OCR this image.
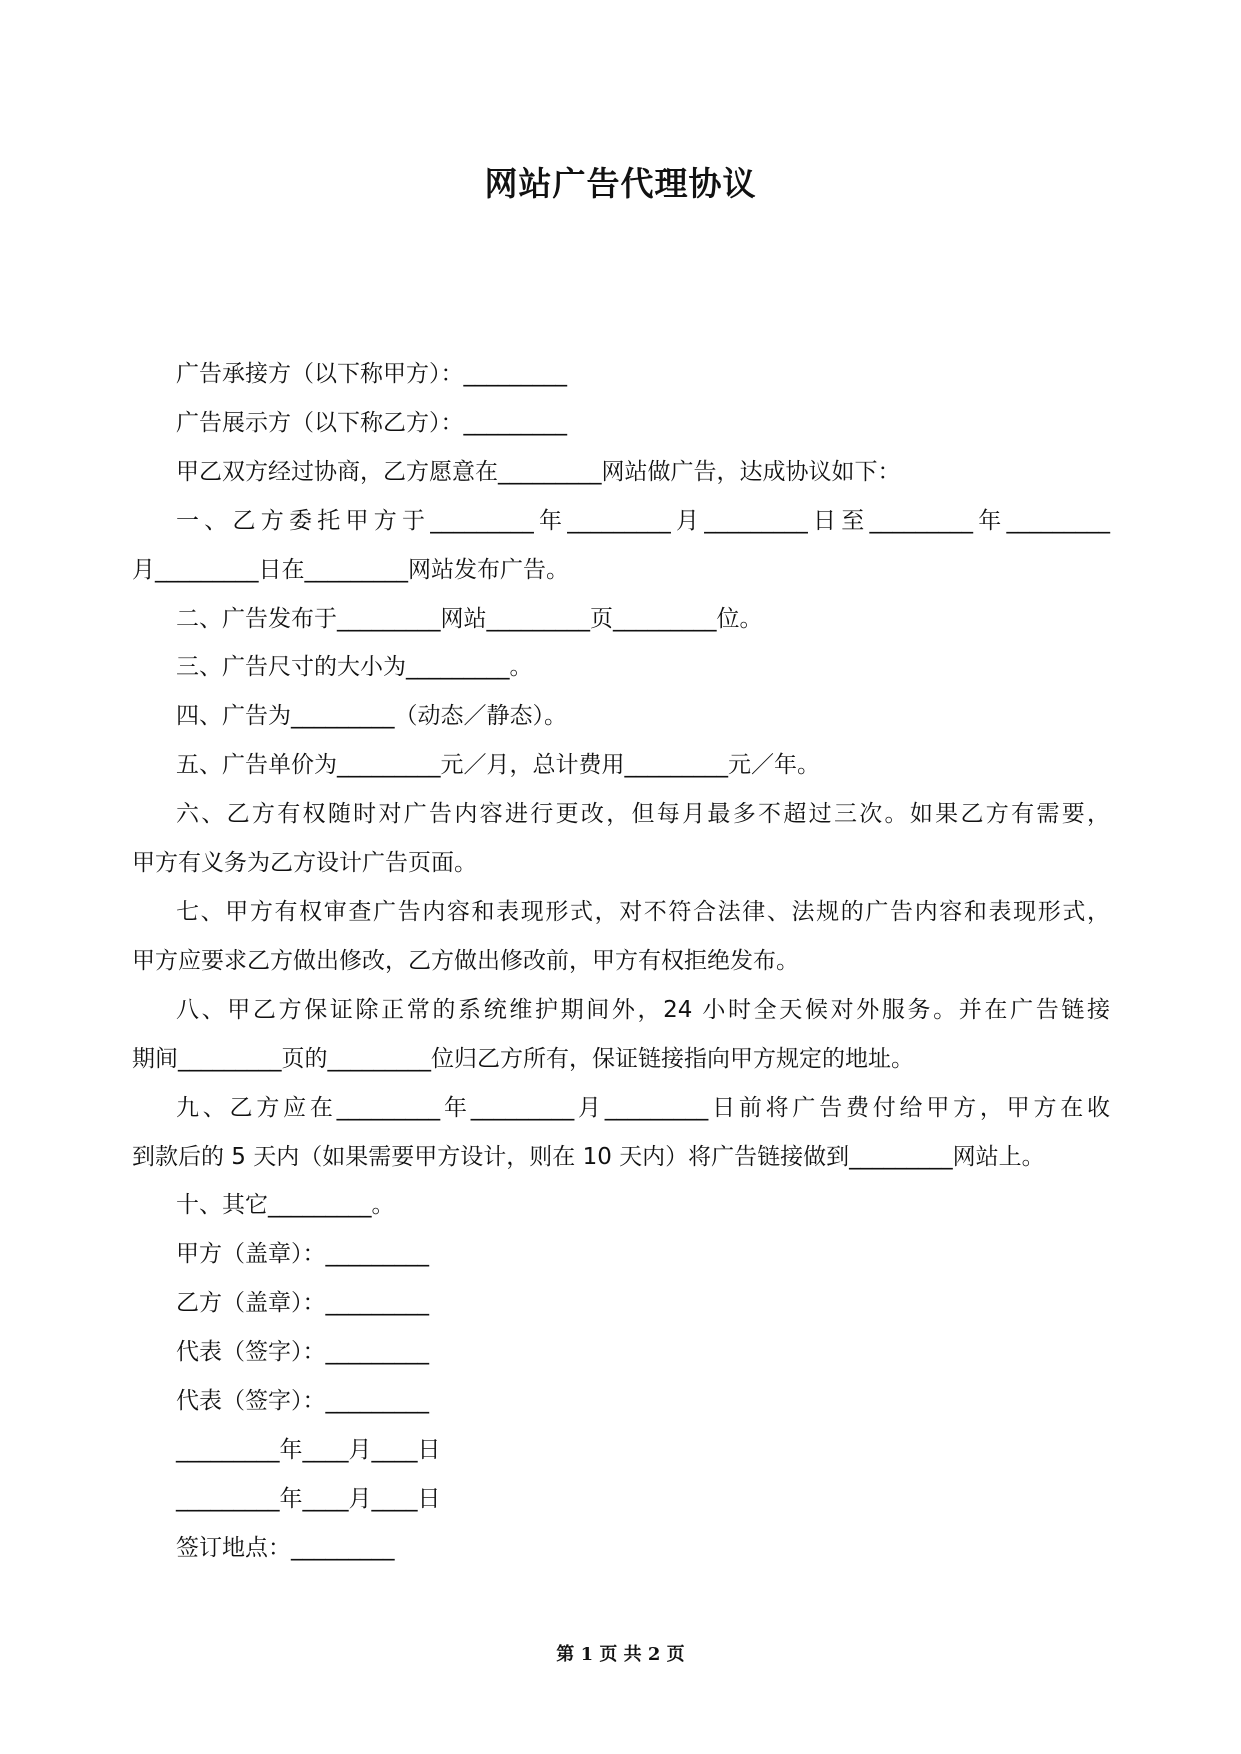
网站广告代理协议
广告承接方（以下称甲方）：_________
广告展示方（以下称乙方）：_________
甲乙双方经过协商，乙方愿意在_________网站做广告，达成协议如下：
一、乙方委托甲方于_________年_________月_________日至_________年_________
月_________日在_________网站发布广告。
二、广告发布于_________网站_________页_________位。
三、广告尺寸的大小为_________。
四、广告为_________（动态／静态）。
五、广告单价为_________元／月，总计费用_________元／年。
六、乙方有权随时对广告内容进行更改，但每月最多不超过三次。如果乙方有需要，
甲方有义务为乙方设计广告页面。
七、甲方有权审查广告内容和表现形式，对不符合法律、法规的广告内容和表现形式，
甲方应要求乙方做出修改，乙方做出修改前，甲方有权拒绝发布。
八、甲乙方保证除正常的系统维护期间外，24 小时全天候对外服务。并在广告链接
期间_________页的_________位归乙方所有，保证链接指向甲方规定的地址。
九、乙方应在_________年_________月_________日前将广告费付给甲方，甲方在收
到款后的 5 天内（如果需要甲方设计，则在 10 天内）将广告链接做到_________网站上。
十、其它_________。
甲方（盖章）：_________
乙方（盖章）：_________
代表（签字）：_________
代表（签字）：_________
_________年____月____日
_________年____月____日
签订地点：_________
第 1 页 共 2 页
